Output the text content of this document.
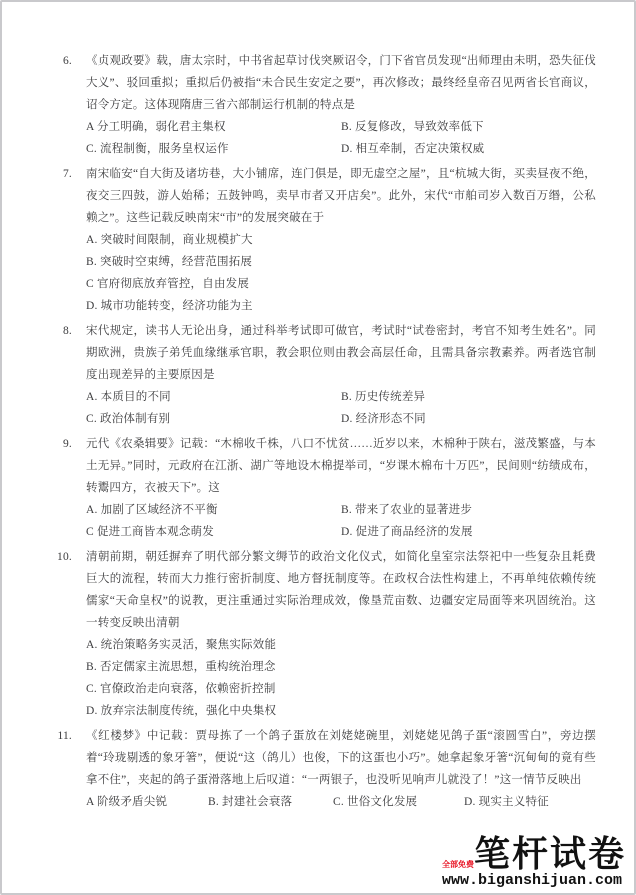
6. 《贞观政要》载，唐太宗时，中书省起草讨伐突厥诏令，门下省官员发现“出师理由未明，恐失征伐大义”、驳回重拟；重拟后仍被指“未合民生安定之要”，再次修改；最终经皇帝召见两省长官商议，诏令方定。这体现隋唐三省六部制运行机制的特点是
A 分工明确，弱化君主集权	B. 反复修改，导致效率低下
C. 流程制衡，服务皇权运作	D. 相互牵制，否定决策权威
7. 南宋临安“自大街及诸坊巷，大小铺席，连门俱是，即无虚空之屋”，且“杭城大街，买卖昼夜不绝，夜交三四鼓，游人始稀；五鼓钟鸣，卖早市者又开店矣”。此外，宋代“市舶司岁入数百万缗，公私赖之”。这些记载反映南宋“市”的发展突破在于
A. 突破时间限制，商业规模扩大
B. 突破时空束缚，经营范围拓展
C 官府彻底放弃管控，自由发展
D. 城市功能转变，经济功能为主
8. 宋代规定，读书人无论出身，通过科举考试即可做官，考试时“试卷密封，考官不知考生姓名”。同期欧洲，贵族子弟凭血缘继承官职，教会职位则由教会高层任命，且需具备宗教素养。两者选官制度出现差异的主要原因是
A. 本质目的不同	B. 历史传统差异
C. 政治体制有别	D. 经济形态不同
9. 元代《农桑辑要》记载：“木棉收千株，八口不忧贫……近岁以来，木棉种于陕右，滋茂繁盛，与本土无异。”同时，元政府在江浙、湖广等地设木棉提举司，“岁课木棉布十万匹”，民间则“纺绩成布，转鬻四方，衣被天下”。这
A. 加剧了区域经济不平衡	B. 带来了农业的显著进步
C 促进工商皆本观念萌发	D. 促进了商品经济的发展
10. 清朝前期，朝廷摒弃了明代部分繁文缛节的政治文化仪式，如简化皇室宗法祭祀中一些复杂且耗费巨大的流程，转而大力推行密折制度、地方督抚制度等。在政权合法性构建上，不再单纯依赖传统儒家“天命皇权”的说教，更注重通过实际治理成效，像垦荒亩数、边疆安定局面等来巩固统治。这一转变反映出清朝
A. 统治策略务实灵活，聚焦实际效能
B. 否定儒家主流思想，重构统治理念
C. 官僚政治走向衰落，依赖密折控制
D. 放弃宗法制度传统，强化中央集权
11. 《红楼梦》中记载：贾母拣了一个鸽子蛋放在刘姥姥碗里，刘姥姥见鸽子蛋“滚圆雪白”，旁边摆着“玲珑剔透的象牙箸”，便说“这（鸽儿）也俊，下的这蛋也小巧”。她拿起象牙箸“沉甸甸的竟有些拿不住”，夹起的鸽子蛋滑落地上后叹道：“一两银子，也没听见响声儿就没了！”这一情节反映出
A 阶级矛盾尖锐	B. 封建社会衰落	C. 世俗文化发展	D. 现实主义特征
全部免费 笔杆试卷
www.biganshijuan.com
